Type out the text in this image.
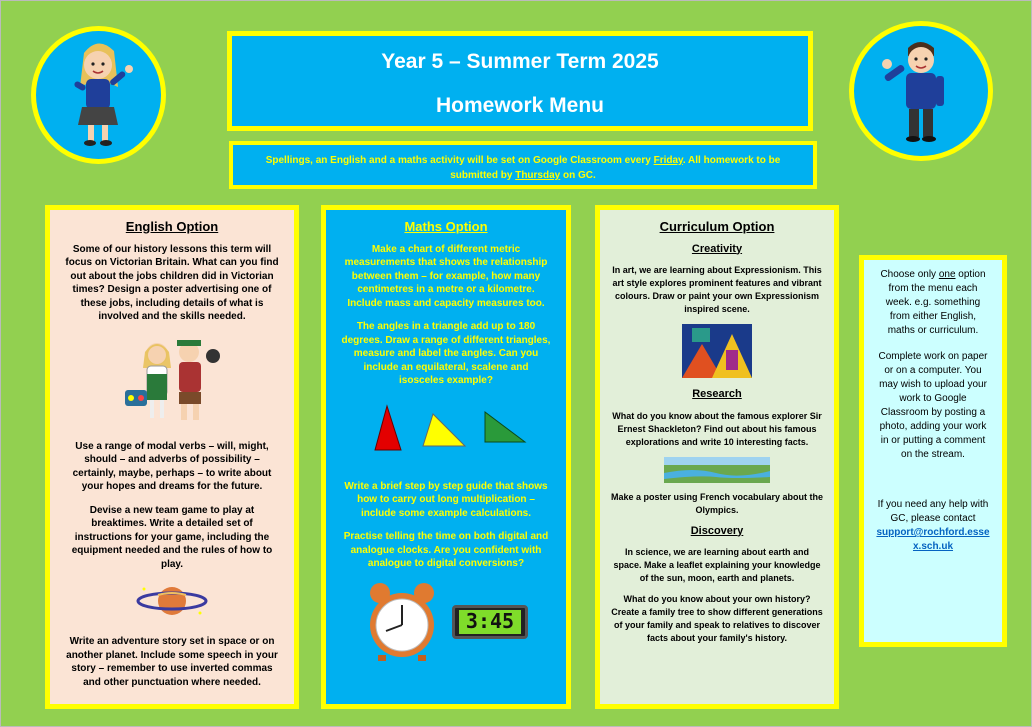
Year 5 – Summer Term 2025
Homework Menu
Spellings, an English and a maths activity will be set on Google Classroom every Friday. All homework to be submitted by Thursday on GC.
English Option
Some of our history lessons this term will focus on Victorian Britain. What can you find out about the jobs children did in Victorian times? Design a poster advertising one of these jobs, including details of what is involved and the skills needed.
Use a range of modal verbs – will, might, should – and adverbs of possibility – certainly, maybe, perhaps – to write about your hopes and dreams for the future.
Devise a new team game to play at breaktimes. Write a detailed set of instructions for your game, including the equipment needed and the rules of how to play.
Write an adventure story set in space or on another planet. Include some speech in your story – remember to use inverted commas and other punctuation where needed.
Maths Option
Make a chart of different metric measurements that shows the relationship between them – for example, how many centimetres in a metre or a kilometre. Include mass and capacity measures too.
The angles in a triangle add up to 180 degrees. Draw a range of different triangles, measure and label the angles. Can you include an equilateral, scalene and isosceles example?
Write a brief step by step guide that shows how to carry out long multiplication – include some example calculations.
Practise telling the time on both digital and analogue clocks. Are you confident with analogue to digital conversions?
3:45
Curriculum Option
Creativity
In art, we are learning about Expressionism. This art style explores prominent features and vibrant colours. Draw or paint your own Expressionism inspired scene.
Research
What do you know about the famous explorer Sir Ernest Shackleton? Find out about his famous explorations and write 10 interesting facts.
Make a poster using French vocabulary about the Olympics.
Discovery
In science, we are learning about earth and space. Make a leaflet explaining your knowledge of the sun, moon, earth and planets.
What do you know about your own history? Create a family tree to show different generations of your family and speak to relatives to discover facts about your family's history.
Choose only one option from the menu each week. e.g. something from either English, maths or curriculum.
Complete work on paper or on a computer. You may wish to upload your work to Google Classroom by posting a photo, adding your work in or putting a comment on the stream.
If you need any help with GC, please contact
support@rochford.essex.sch.uk
